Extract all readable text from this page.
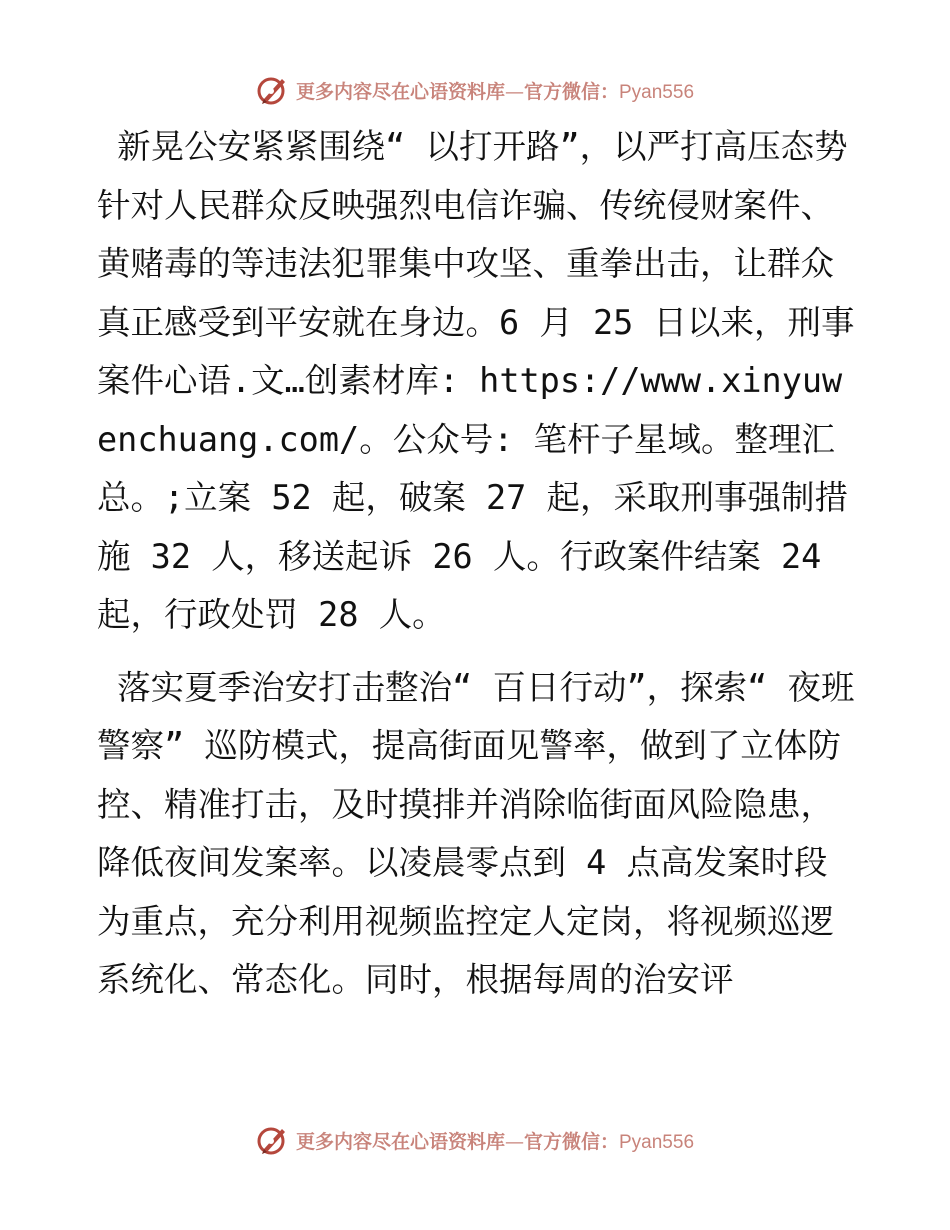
更多内容尽在心语资料库—官方微信：Pyan556

新晃公安紧紧围绕“ 以打开路”，以严打高压态势针对人民群众反映强烈电信诈骗、传统侵财案件、黄赌毒的等违法犯罪集中攻坚、重拳出击，让群众真正感受到平安就在身边。6 月 25 日以来，刑事案件心语.文…创素材库: https://www.xinyuwenchuang.com/。公众号: 笔杆子星域。整理汇总。;立案 52 起，破案 27 起，采取刑事强制措施 32 人，移送起诉 26 人。行政案件结案 24 起，行政处罚 28 人。

落实夏季治安打击整治“ 百日行动”，探索“ 夜班警察” 巡防模式，提高街面见警率，做到了立体防控、精准打击，及时摸排并消除临街面风险隐患，降低夜间发案率。以凌晨零点到 4 点高发案时段为重点，充分利用视频监控定人定岗，将视频巡逻系统化、常态化。同时，根据每周的治安评

更多内容尽在心语资料库—官方微信：Pyan556
